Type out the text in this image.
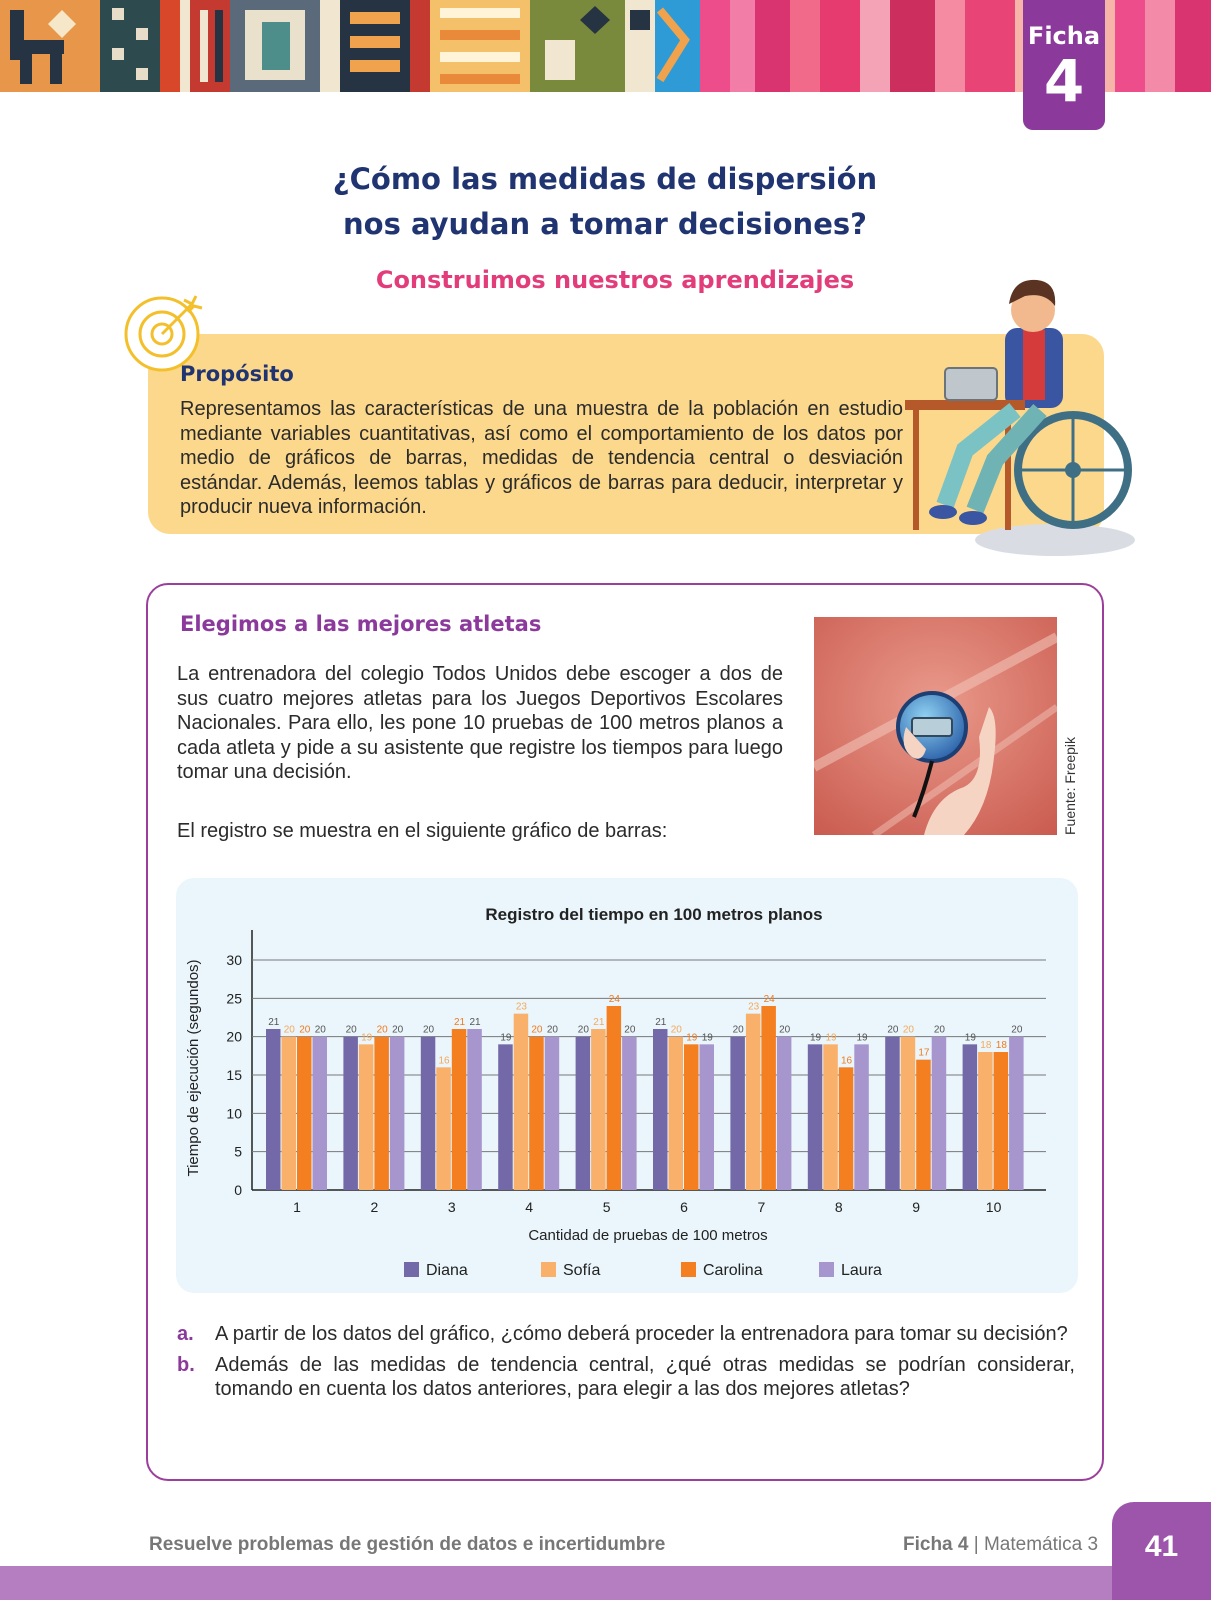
Ficha
4
¿Cómo las medidas de dispersión
nos ayudan a tomar decisiones?
Construimos nuestros aprendizajes
Propósito
Representamos las características de una muestra de la población en estudio mediante variables cuantitativas, así como el comportamiento de los datos por medio de gráficos de barras, medidas de tendencia central o desviación estándar. Además, leemos tablas y gráficos de barras para deducir, interpretar y producir nueva información.
Elegimos a las mejores atletas
La entrenadora del colegio Todos Unidos debe escoger a dos de sus cuatro mejores atletas para los Juegos Deportivos Escolares Nacionales. Para ello, les pone 10 pruebas de 100 metros planos a cada atleta y pide a su asistente que registre los tiempos para luego tomar una decisión.
El registro se muestra en el siguiente gráfico de barras:	Fuente: Freepik
Registro del tiempo en 100 metros planos
Tiempo de ejecución (segundos)
Cantidad de pruebas de 100 metros
0
5
10
15
20
25
30
21
20 20 20
1
20
19
20 20
2
20
16
21 21
3
19
23
20 20
4
20
21
24
20
5
21
20
19 19
6
20
23
24
20
7
19 19
16
19
8
20 20
17
20
9
19
18 18
20
10
Diana	Sofía	Carolina	Laura
a.	A partir de los datos del gráfico, ¿cómo deberá proceder la entrenadora para tomar su decisión?
b.	Además de las medidas de tendencia central, ¿qué otras medidas se podrían considerar, tomando en cuenta los datos anteriores, para elegir a las dos mejores atletas?
Resuelve problemas de gestión de datos e incertidumbre	Ficha 4 | Matemática 3	41
